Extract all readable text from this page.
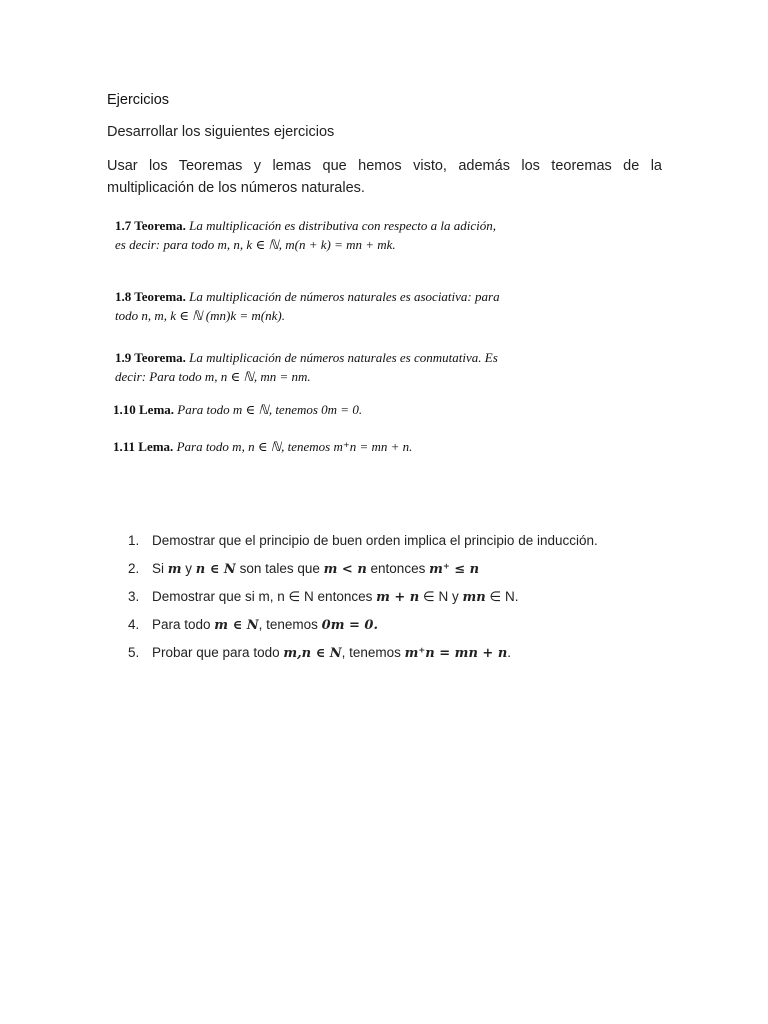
Ejercicios
Desarrollar los siguientes ejercicios
Usar los Teoremas y lemas que hemos visto, además los teoremas de la multiplicación de los números naturales.
1.7 Teorema. La multiplicación es distributiva con respecto a la adición,
es decir: para todo m, n, k ∈ ℕ, m(n + k) = mn + mk.
1.8 Teorema. La multiplicación de números naturales es asociativa: para
todo n, m, k ∈ ℕ (mn)k = m(nk).
1.9 Teorema. La multiplicación de números naturales es conmutativa. Es
decir: Para todo m, n ∈ ℕ, mn = nm.
1.10 Lema. Para todo m ∈ ℕ, tenemos 0m = 0.
1.11 Lema. Para todo m, n ∈ ℕ, tenemos m⁺n = mn + n.
1. Demostrar que el principio de buen orden implica el principio de inducción.
2. Si m y n ∈ N son tales que m < n entonces m⁺ ≤ n
3. Demostrar que si m, n ∈ N entonces m + n ∈ N y mn ∈ N.
4. Para todo m ∈ N, tenemos 0m = 0.
5. Probar que para todo m,n ∈ N, tenemos m⁺n = mn + n.
